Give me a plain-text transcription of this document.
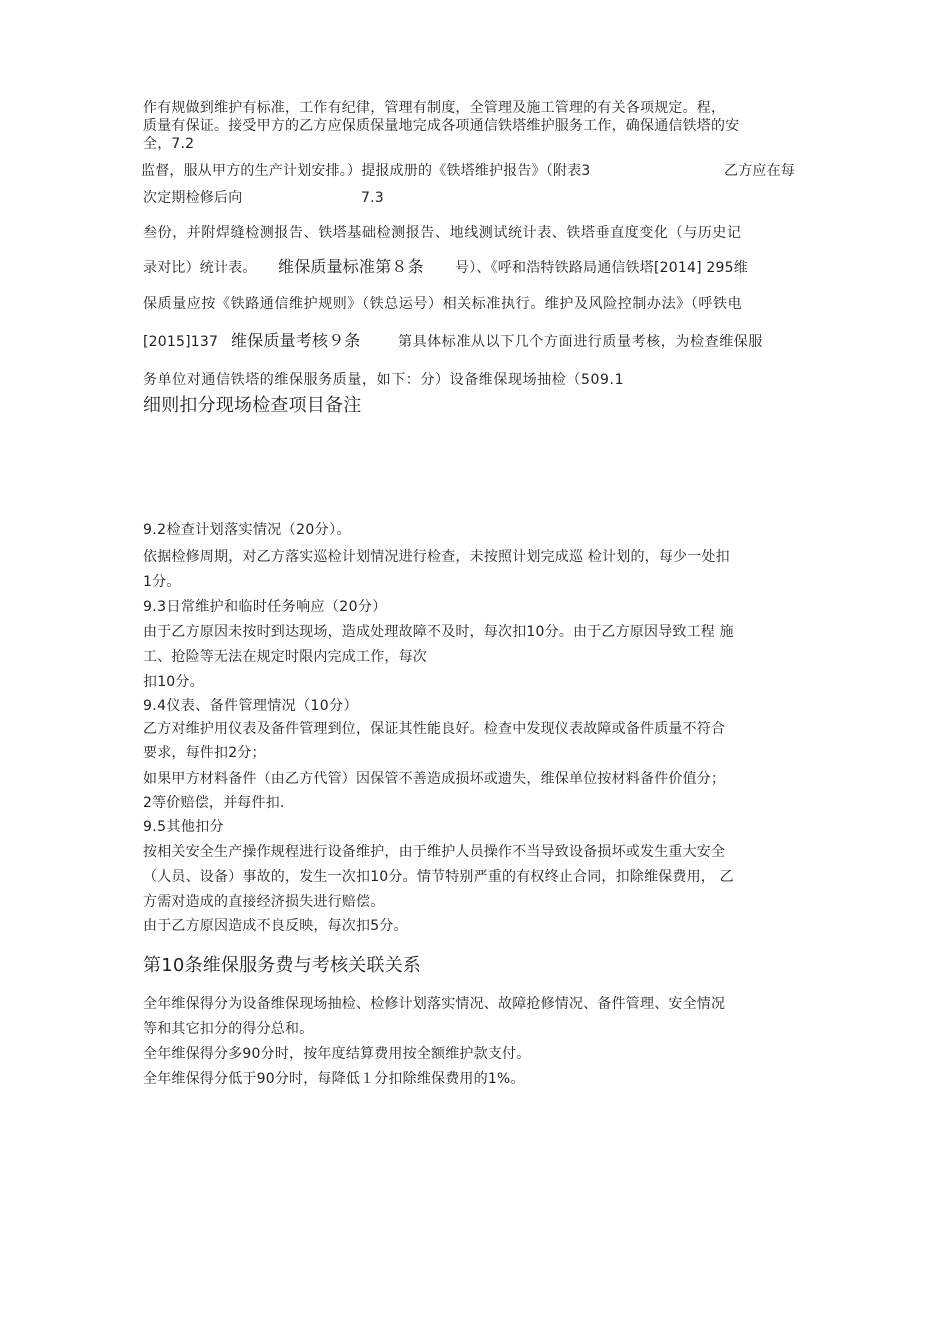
作有规做到维护有标准，工作有纪律，管理有制度，全管理及施工管理的有关各项规定。程，
质量有保证。接受甲方的乙方应保质保量地完成各项通信铁塔维护服务工作，确保通信铁塔的安
全，7.2
监督，服从甲方的生产计划安排。）提报成册的《铁塔维护报告》（附表3	乙方应在每
次定期检修后向	7.3
叁份，并附焊缝检测报告、铁塔基础检测报告、地线测试统计表、铁塔垂直度变化（与历史记
录对比）统计表。 维保质量标准第８条 号）、《呼和浩特铁路局通信铁塔[2014] 295维
保质量应按《铁路通信维护规则》（铁总运号）相关标准执行。维护及风险控制办法》（呼铁电
[2015]137 维保质量考核９条	第具体标准从以下几个方面进行质量考核，为检查维保服
务单位对通信铁塔的维保服务质量，如下：分）设备维保现场抽检（509.1
细则扣分现场检查项目备注
9.2检查计划落实情况（20分）。
依据检修周期，对乙方落实巡检计划情况进行检查，未按照计划完成巡 检计划的，每少一处扣
1分。
9.3日常维护和临时任务响应（20分）
由于乙方原因未按时到达现场，造成处理故障不及时，每次扣10分。由于乙方原因导致工程 施
工、抢险等无法在规定时限内完成工作，每次
扣10分。
9.4仪表、备件管理情况（10分）
乙方对维护用仪表及备件管理到位，保证其性能良好。检查中发现仪表故障或备件质量不符合
要求，每件扣2分；
如果甲方材料备件（由乙方代管）因保管不善造成损坏或遗失，维保单位按材料备件价值分；
2等价赔偿，并每件扣.
9.5其他扣分
按相关安全生产操作规程进行设备维护，由于维护人员操作不当导致设备损坏或发生重大安全
（人员、设备）事故的，发生一次扣10分。情节特别严重的有权终止合同，扣除维保费用， 乙
方需对造成的直接经济损失进行赔偿。
由于乙方原因造成不良反映，每次扣5分。
第10条维保服务费与考核关联关系
全年维保得分为设备维保现场抽检、检修计划落实情况、故障抢修情况、备件管理、安全情况
等和其它扣分的得分总和。
全年维保得分多90分时，按年度结算费用按全额维护款支付。
全年维保得分低于90分时，每降低１分扣除维保费用的1%。
